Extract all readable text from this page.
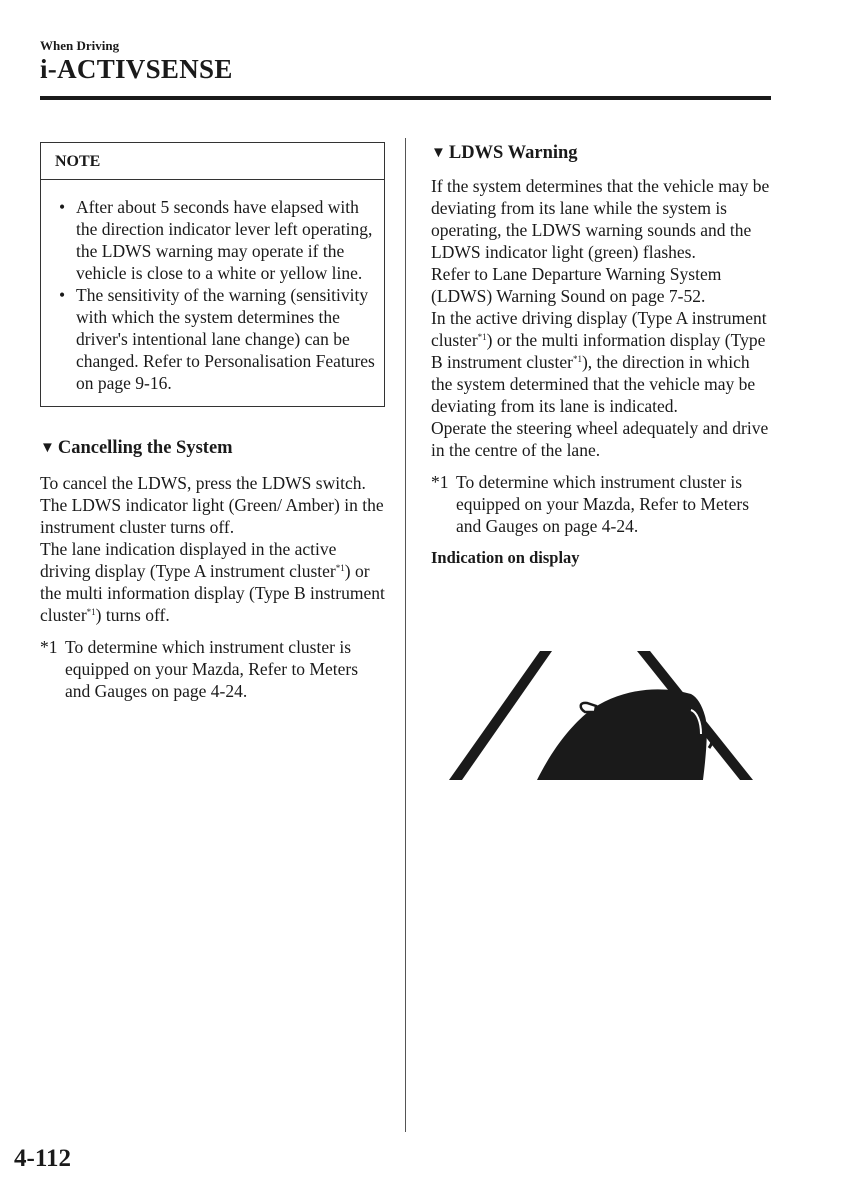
When Driving
i-ACTIVSENSE
NOTE
• After about 5 seconds have elapsed with the direction indicator lever left operating, the LDWS warning may operate if the vehicle is close to a white or yellow line.
• The sensitivity of the warning (sensitivity with which the system determines the driver's intentional lane change) can be changed. Refer to Personalisation Features on page 9-16.
▼ Cancelling the System

To cancel the LDWS, press the LDWS switch. The LDWS indicator light (Green/ Amber) in the instrument cluster turns off.

The lane indication displayed in the active driving display (Type A instrument cluster$^{*1}$) or the multi information display (Type B instrument cluster$^{*1}$) turns off.

*1 To determine which instrument cluster is equipped on your Mazda, Refer to Meters and Gauges on page 4-24.

▼ LDWS Warning

If the system determines that the vehicle may be deviating from its lane while the system is operating, the LDWS warning sounds and the LDWS indicator light (green) flashes.

Refer to Lane Departure Warning System (LDWS) Warning Sound on page 7-52.

In the active driving display (Type A instrument cluster$^{*1}$) or the multi information display (Type B instrument cluster$^{*1}$), the direction in which the system determined that the vehicle may be deviating from its lane is indicated.

Operate the steering wheel adequately and drive in the centre of the lane.

*1 To determine which instrument cluster is equipped on your Mazda, Refer to Meters and Gauges on page 4-24.

Indication on display

4-112
